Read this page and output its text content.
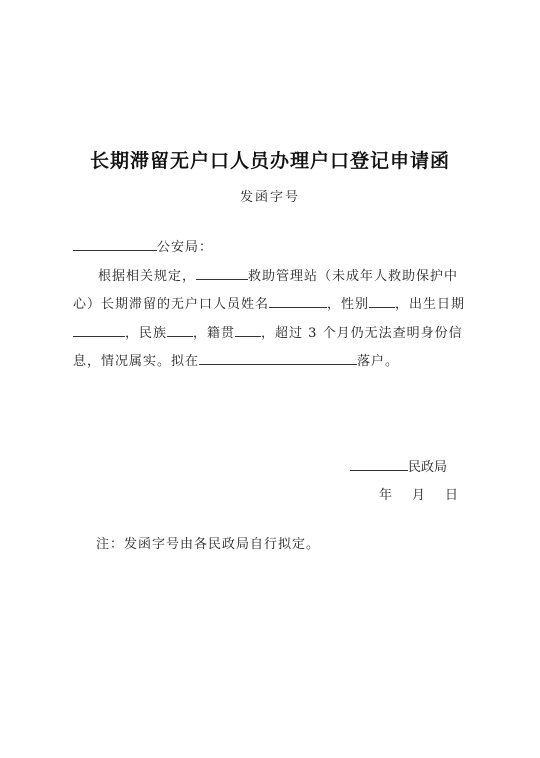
长期滞留无户口人员办理户口登记申请函
发函字号
公安局：
根据相关规定，	救助管理站（未成年人救助保护中
心）长期滞留的无户口人员姓名	，性别 ，出生日期
，民族 ，籍贯 ，超过 3 个月仍无法查明身份信
息，情况属实。拟在	落户。
民政局
年 月 日
注：发函字号由各民政局自行拟定。
